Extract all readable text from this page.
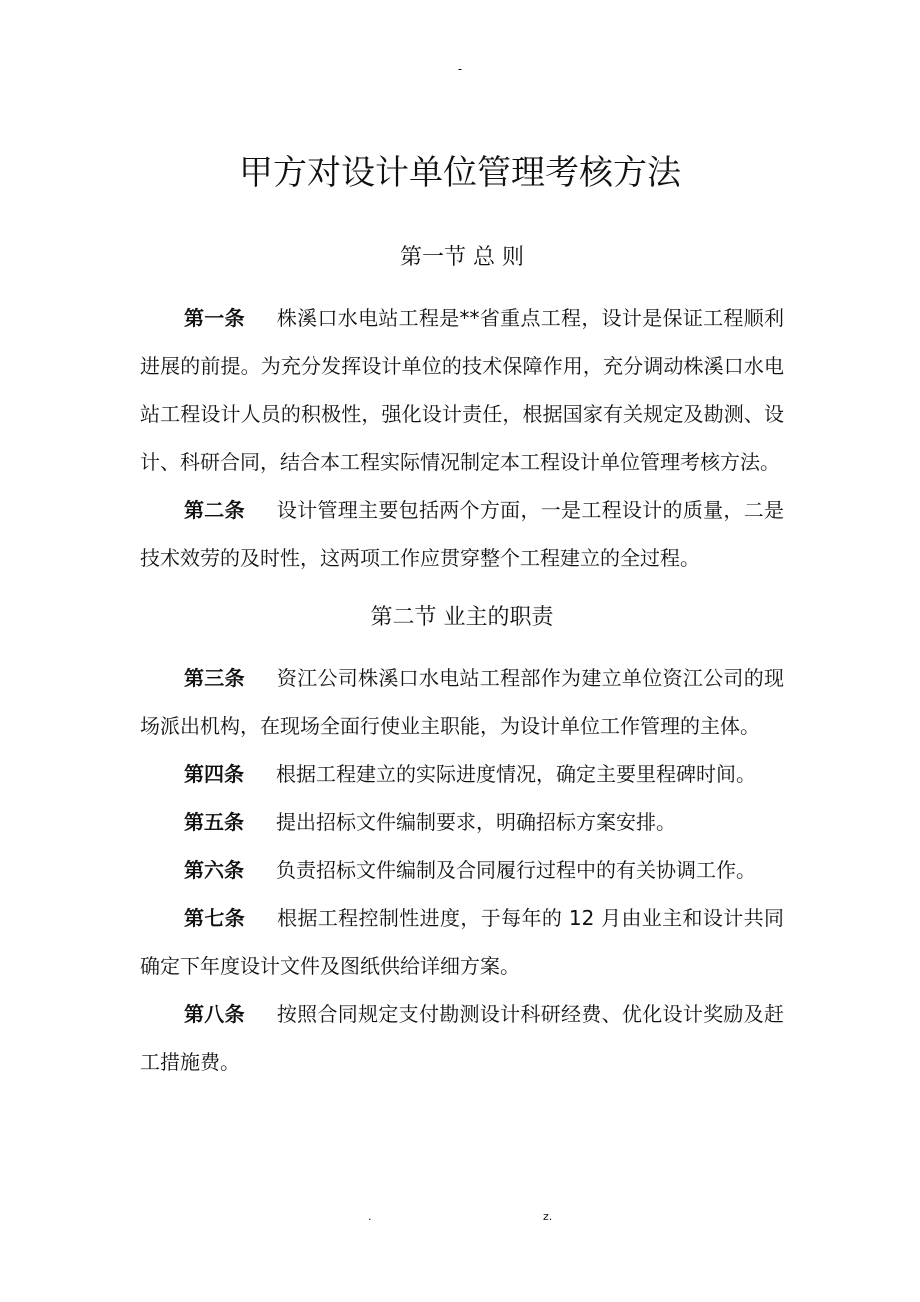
-
甲方对设计单位管理考核方法
第一节 总 则

第一条 株溪口水电站工程是**省重点工程，设计是保证工程顺利进展的前提。为充分发挥设计单位的技术保障作用，充分调动株溪口水电站工程设计人员的积极性，强化设计责任，根据国家有关规定及勘测、设计、科研合同，结合本工程实际情况制定本工程设计单位管理考核方法。

第二条 设计管理主要包括两个方面，一是工程设计的质量，二是技术效劳的及时性，这两项工作应贯穿整个工程建立的全过程。

第二节 业主的职责

第三条 资江公司株溪口水电站工程部作为建立单位资江公司的现场派出机构，在现场全面行使业主职能，为设计单位工作管理的主体。

第四条 根据工程建立的实际进度情况，确定主要里程碑时间。

第五条 提出招标文件编制要求，明确招标方案安排。

第六条 负责招标文件编制及合同履行过程中的有关协调工作。

第七条 根据工程控制性进度，于每年的 12 月由业主和设计共同确定下年度设计文件及图纸供给详细方案。

第八条 按照合同规定支付勘测设计科研经费、优化设计奖励及赶工措施费。

.	z.
